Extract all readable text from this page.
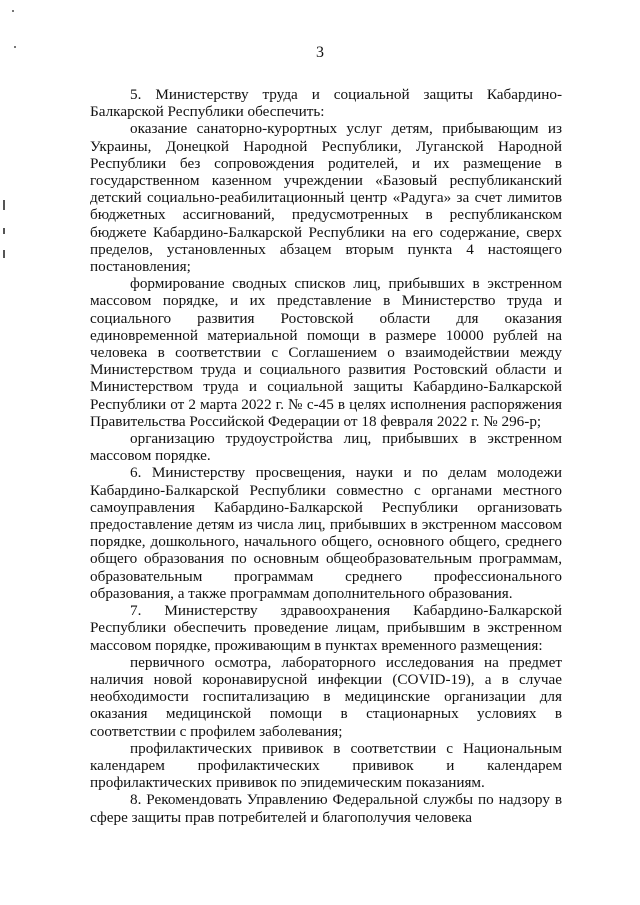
3

5. Министерству труда и социальной защиты Кабардино-Балкарской Республики обеспечить:

оказание санаторно-курортных услуг детям, прибывающим из Украины, Донецкой Народной Республики, Луганской Народной Республики без сопровождения родителей, и их размещение в государственном казенном учреждении «Базовый республиканский детский социально-реабилитационный центр «Радуга» за счет лимитов бюджетных ассигнований, предусмотренных в республиканском бюджете Кабардино-Балкарской Республики на его содержание, сверх пределов, установленных абзацем вторым пункта 4 настоящего постановления;

формирование сводных списков лиц, прибывших в экстренном массовом порядке, и их представление в Министерство труда и социального развития Ростовской области для оказания единовременной материальной помощи в размере 10000 рублей на человека в соответствии с Соглашением о взаимодействии между Министерством труда и социального развития Ростовский области и Министерством труда и социальной защиты Кабардино-Балкарской Республики от 2 марта 2022 г. № с-45 в целях исполнения распоряжения Правительства Российской Федерации от 18 февраля 2022 г. № 296-р;

организацию трудоустройства лиц, прибывших в экстренном массовом порядке.

6. Министерству просвещения, науки и по делам молодежи Кабардино-Балкарской Республики совместно с органами местного самоуправления Кабардино-Балкарской Республики организовать предоставление детям из числа лиц, прибывших в экстренном массовом порядке, дошкольного, начального общего, основного общего, среднего общего образования по основным общеобразовательным программам, образовательным программам среднего профессионального образования, а также программам дополнительного образования.

7. Министерству здравоохранения Кабардино-Балкарской Республики обеспечить проведение лицам, прибывшим в экстренном массовом порядке, проживающим в пунктах временного размещения:

первичного осмотра, лабораторного исследования на предмет наличия новой коронавирусной инфекции (COVID-19), а в случае необходимости госпитализацию в медицинские организации для оказания медицинской помощи в стационарных условиях в соответствии с профилем заболевания;

профилактических прививок в соответствии с Национальным календарем профилактических прививок и календарем профилактических прививок по эпидемическим показаниям.

8. Рекомендовать Управлению Федеральной службы по надзору в сфере защиты прав потребителей и благополучия человека
